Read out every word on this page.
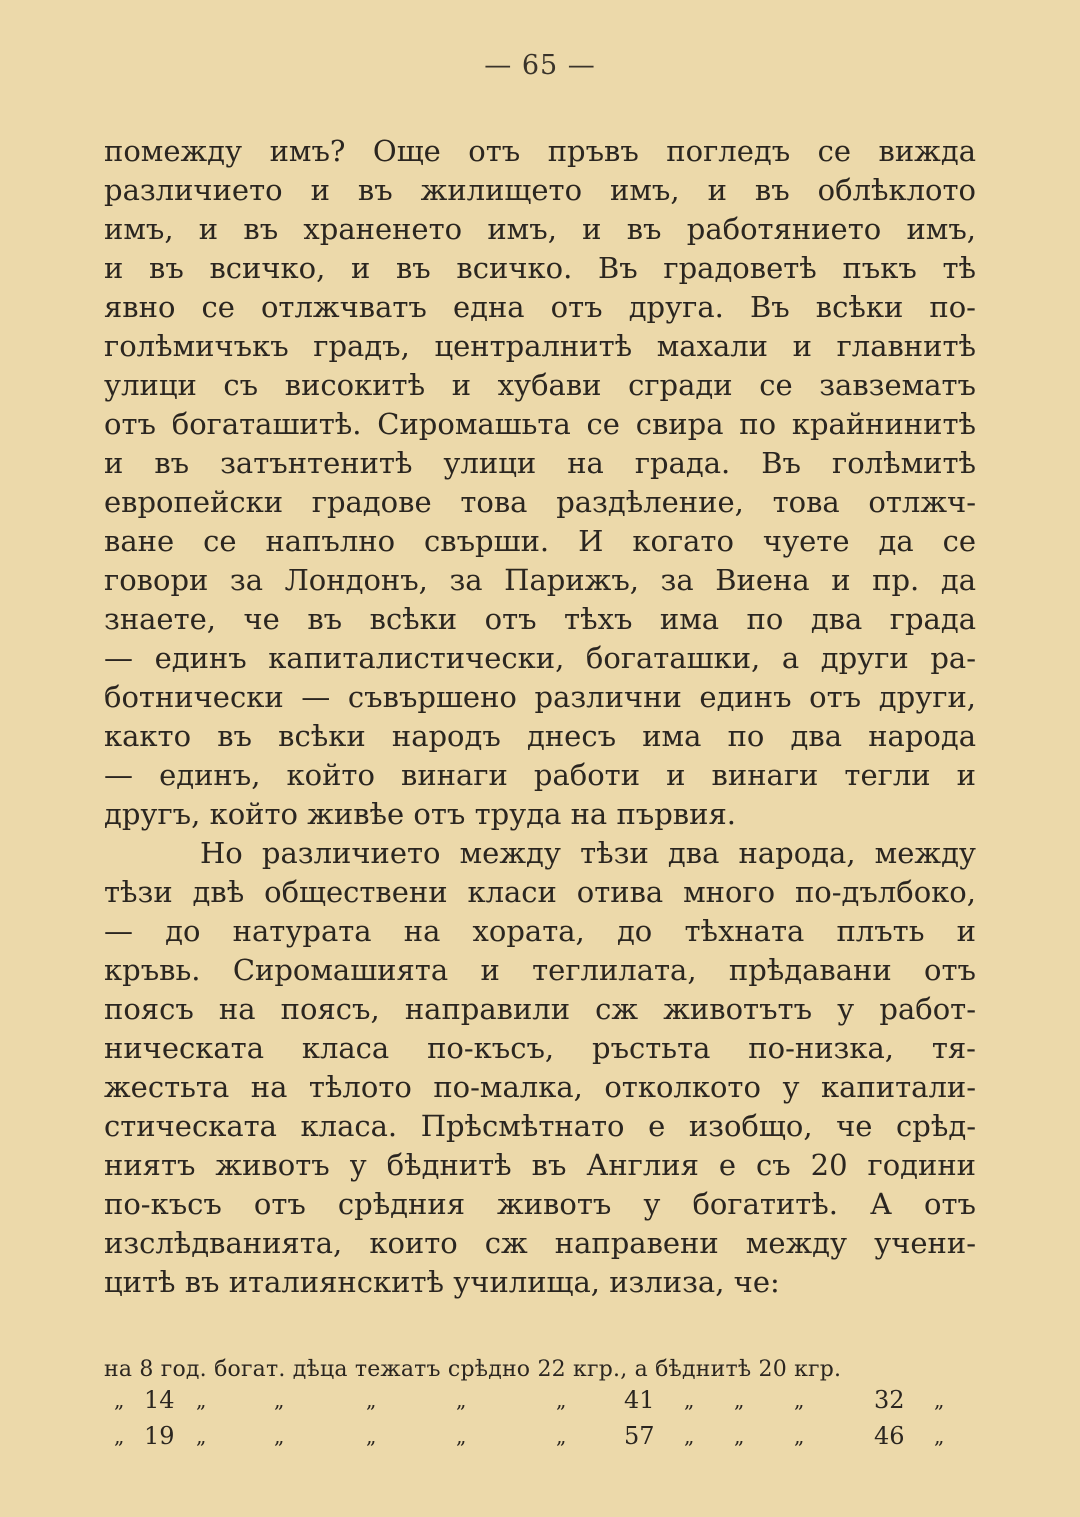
— 65 —
помежду имъ? Още отъ пръвъ погледъ се вижда
различието и въ жилището имъ, и въ облѣклото
имъ, и въ храненето имъ, и въ работянието имъ,
и въ всичко, и въ всичко. Въ градоветѣ пъкъ тѣ
явно се отлжчватъ една отъ друга. Въ всѣки по-
голѣмичъкъ градъ, централнитѣ махали и главнитѣ
улици съ високитѣ и хубави сгради се завзематъ
отъ богаташитѣ. Сиромашьта се свира по крайнинитѣ
и въ затънтенитѣ улици на града. Въ голѣмитѣ
европейски градове това раздѣление, това отлжч-
ване се напълно свърши. И когато чуете да се
говори за Лондонъ, за Парижъ, за Виена и пр. да
знаете, че въ всѣки отъ тѣхъ има по два града
— единъ капиталистически, богаташки, а други ра-
ботнически — съвършено различни единъ отъ други,
както въ всѣки народъ днесъ има по два народа
— единъ, който винаги работи и винаги тегли и
другъ, който живѣе отъ труда на първия.
Но различието между тѣзи два народа, между
тѣзи двѣ обществени класи отива много по-дълбоко,
— до натурата на хората, до тѣхната плъть и
кръвь. Сиромашията и теглилата, прѣдавани отъ
поясъ на поясъ, направили сж животътъ у работ-
ническата класа по-късъ, ръстьта по-низка, тя-
жестьта на тѣлото по-малка, отколкото у капитали-
стическата класа. Прѣсмѣтнато е изобщо, че срѣд-
ниятъ животъ у бѣднитѣ въ Англия е съ 20 години
по-късъ отъ срѣдния животъ у богатитѣ. А отъ
изслѣдванията, които сж направени между учени-
цитѣ въ италиянскитѣ училища, излиза, че:
на 8 год. богат. дѣца тежатъ срѣдно 22 кгр., а бѣднитѣ 20 кгр.
„ 14 „	„	„	„	„ 41 „ „ „	32 „
„ 19 „	„	„	„	„ 57 „ „ „	46 „
